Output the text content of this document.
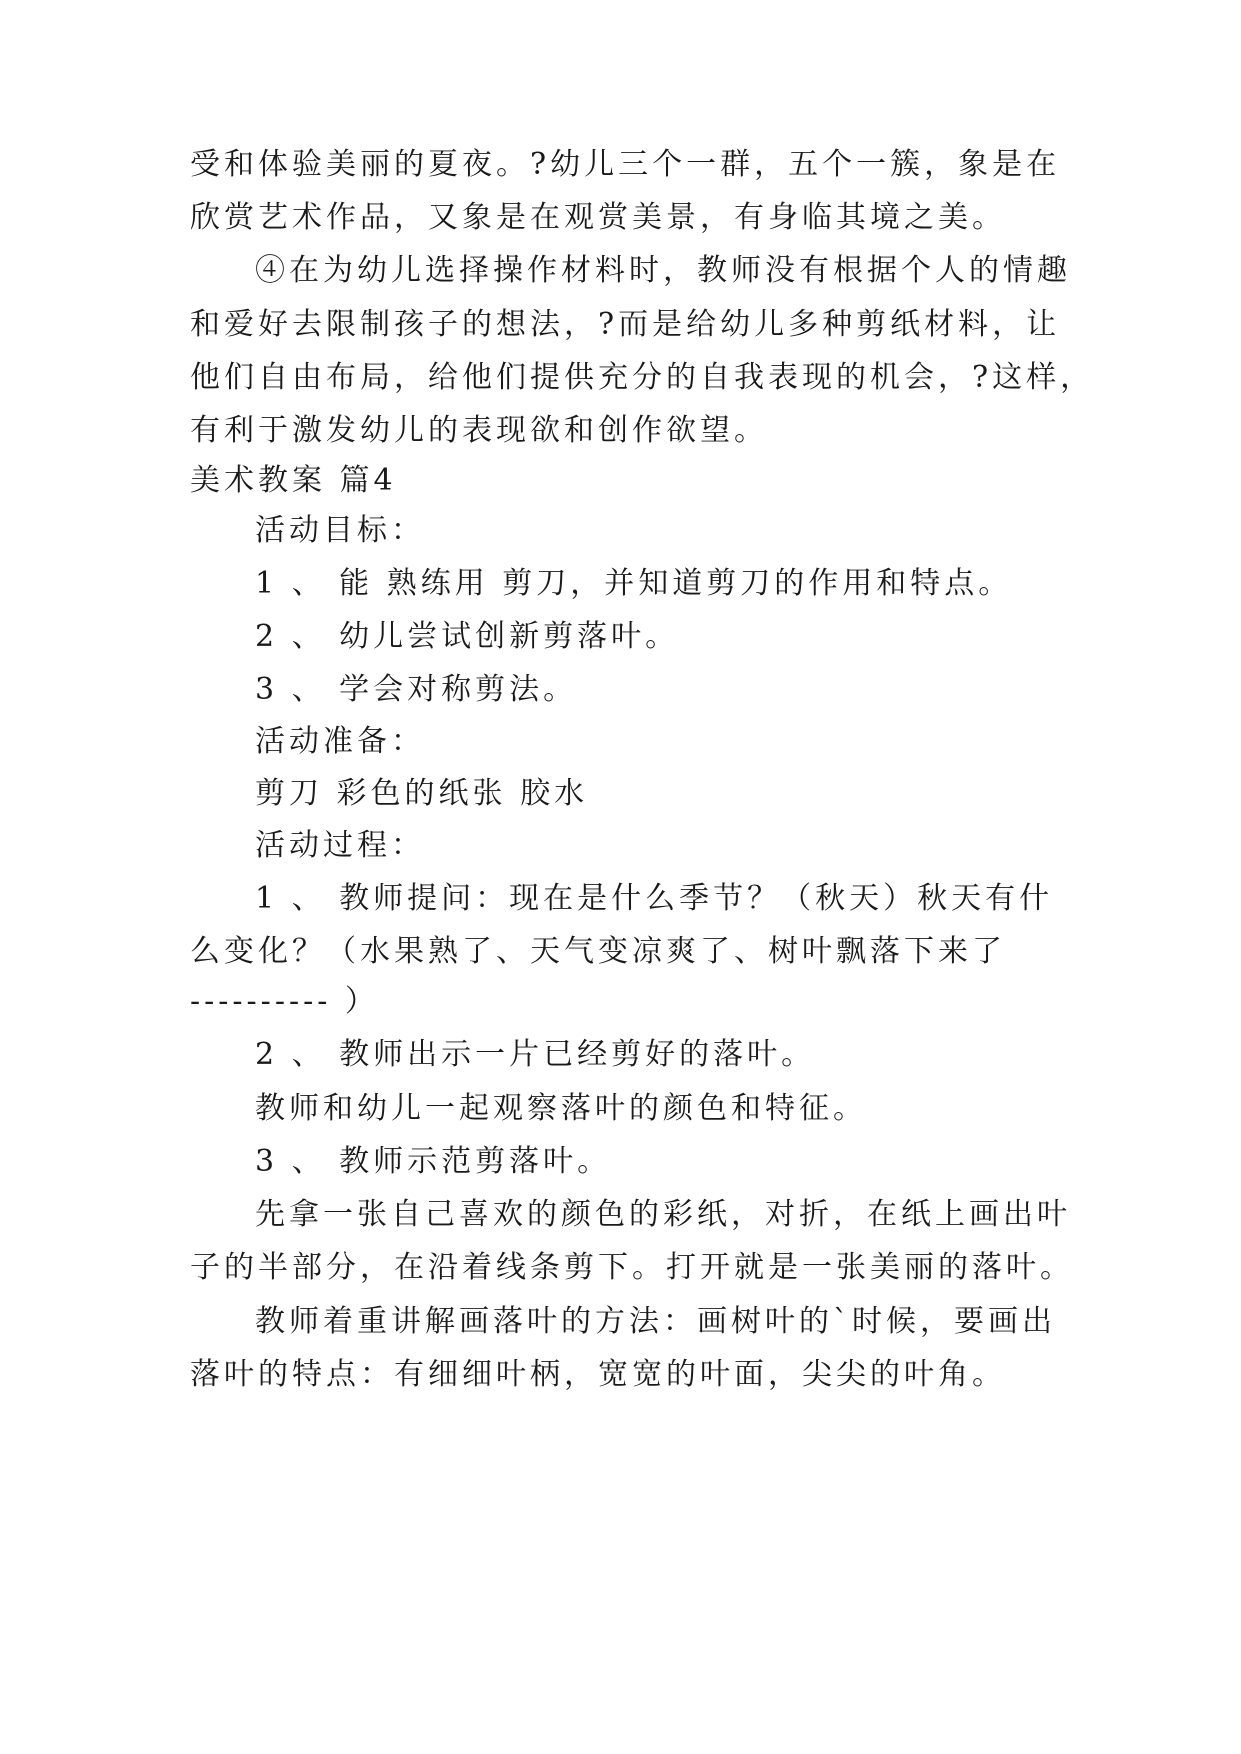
受和体验美丽的夏夜。?幼儿三个一群，五个一簇，象是在
欣赏艺术作品，又象是在观赏美景，有身临其境之美。
④在为幼儿选择操作材料时，教师没有根据个人的情趣
和爱好去限制孩子的想法，?而是给幼儿多种剪纸材料，让
他们自由布局，给他们提供充分的自我表现的机会，?这样，
有利于激发幼儿的表现欲和创作欲望。
美术教案 篇4
活动目标：
1 、 能 熟练用 剪刀，并知道剪刀的作用和特点。
2 、 幼儿尝试创新剪落叶。
3 、 学会对称剪法。
活动准备：
剪刀 彩色的纸张 胶水
活动过程：
1 、 教师提问：现在是什么季节？（秋天）秋天有什
么变化？（水果熟了、天气变凉爽了、树叶飘落下来了
---------- ）
2 、 教师出示一片已经剪好的落叶。
教师和幼儿一起观察落叶的颜色和特征。
3 、 教师示范剪落叶。
先拿一张自己喜欢的颜色的彩纸，对折，在纸上画出叶
子的半部分，在沿着线条剪下。打开就是一张美丽的落叶。
教师着重讲解画落叶的方法：画树叶的`时候，要画出
落叶的特点：有细细叶柄，宽宽的叶面，尖尖的叶角。
